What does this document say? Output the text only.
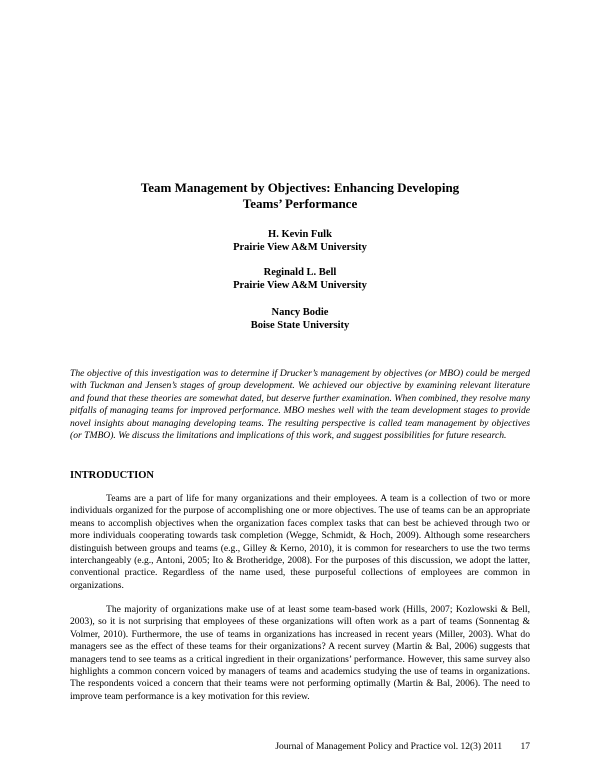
Team Management by Objectives: Enhancing Developing
Teams’ Performance
H. Kevin Fulk
Prairie View A&M University
Reginald L. Bell
Prairie View A&M University
Nancy Bodie
Boise State University

The objective of this investigation was to determine if Drucker’s management by objectives (or MBO) could be merged with Tuckman and Jensen’s stages of group development. We achieved our objective by examining relevant literature and found that these theories are somewhat dated, but deserve further examination. When combined, they resolve many pitfalls of managing teams for improved performance. MBO meshes well with the team development stages to provide novel insights about managing developing teams. The resulting perspective is called team management by objectives (or TMBO). We discuss the limitations and implications of this work, and suggest possibilities for future research.

INTRODUCTION

Teams are a part of life for many organizations and their employees. A team is a collection of two or more individuals organized for the purpose of accomplishing one or more objectives. The use of teams can be an appropriate means to accomplish objectives when the organization faces complex tasks that can best be achieved through two or more individuals cooperating towards task completion (Wegge, Schmidt, & Hoch, 2009). Although some researchers distinguish between groups and teams (e.g., Gilley & Kerno, 2010), it is common for researchers to use the two terms interchangeably (e.g., Antoni, 2005; Ito & Brotheridge, 2008). For the purposes of this discussion, we adopt the latter, conventional practice. Regardless of the name used, these purposeful collections of employees are common in organizations.

The majority of organizations make use of at least some team-based work (Hills, 2007; Kozlowski & Bell, 2003), so it is not surprising that employees of these organizations will often work as a part of teams (Sonnentag & Volmer, 2010). Furthermore, the use of teams in organizations has increased in recent years (Miller, 2003). What do managers see as the effect of these teams for their organizations? A recent survey (Martin & Bal, 2006) suggests that managers tend to see teams as a critical ingredient in their organizations’ performance. However, this same survey also highlights a common concern voiced by managers of teams and academics studying the use of teams in organizations. The respondents voiced a concern that their teams were not performing optimally (Martin & Bal, 2006). The need to improve team performance is a key motivation for this review.

Journal of Management Policy and Practice vol. 12(3) 2011 17
